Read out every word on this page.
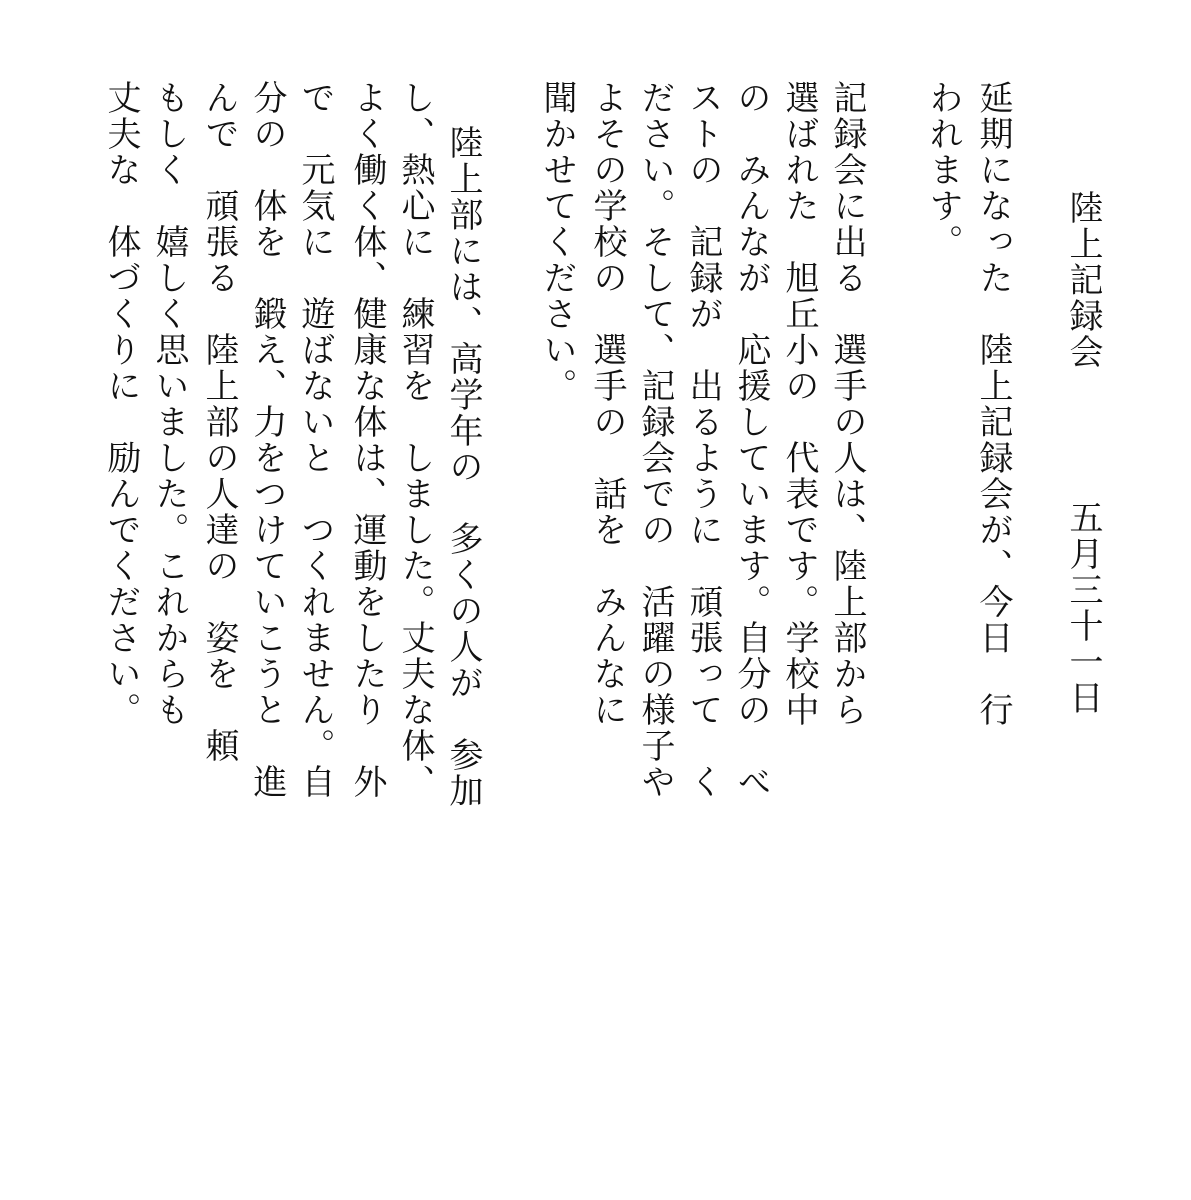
五月三十一日
陸上記録会
延期になった　陸上記録会が、今日　行
われます。
記録会に出る　選手の人は、陸上部から
選ばれた　旭丘小の　代表です。学校中
の　みんなが　応援しています。自分の　べ
ストの　記録が　出るように　頑張って　く
ださい。そして、記録会での　活躍の様子や
よその学校の　選手の　話を　みんなに
聞かせてください。
陸上部には、高学年の　多くの人が　参加
し、熱心に　練習を　しました。丈夫な体、
よく働く体、健康な体は、運動をしたり　外
で　元気に　遊ばないと　つくれません。自
分の　体を　鍛え、力をつけていこうと　進
んで　頑張る　陸上部の人達の　姿を　頼
もしく　嬉しく思いました。これからも
丈夫な　体づくりに　励んでください。
